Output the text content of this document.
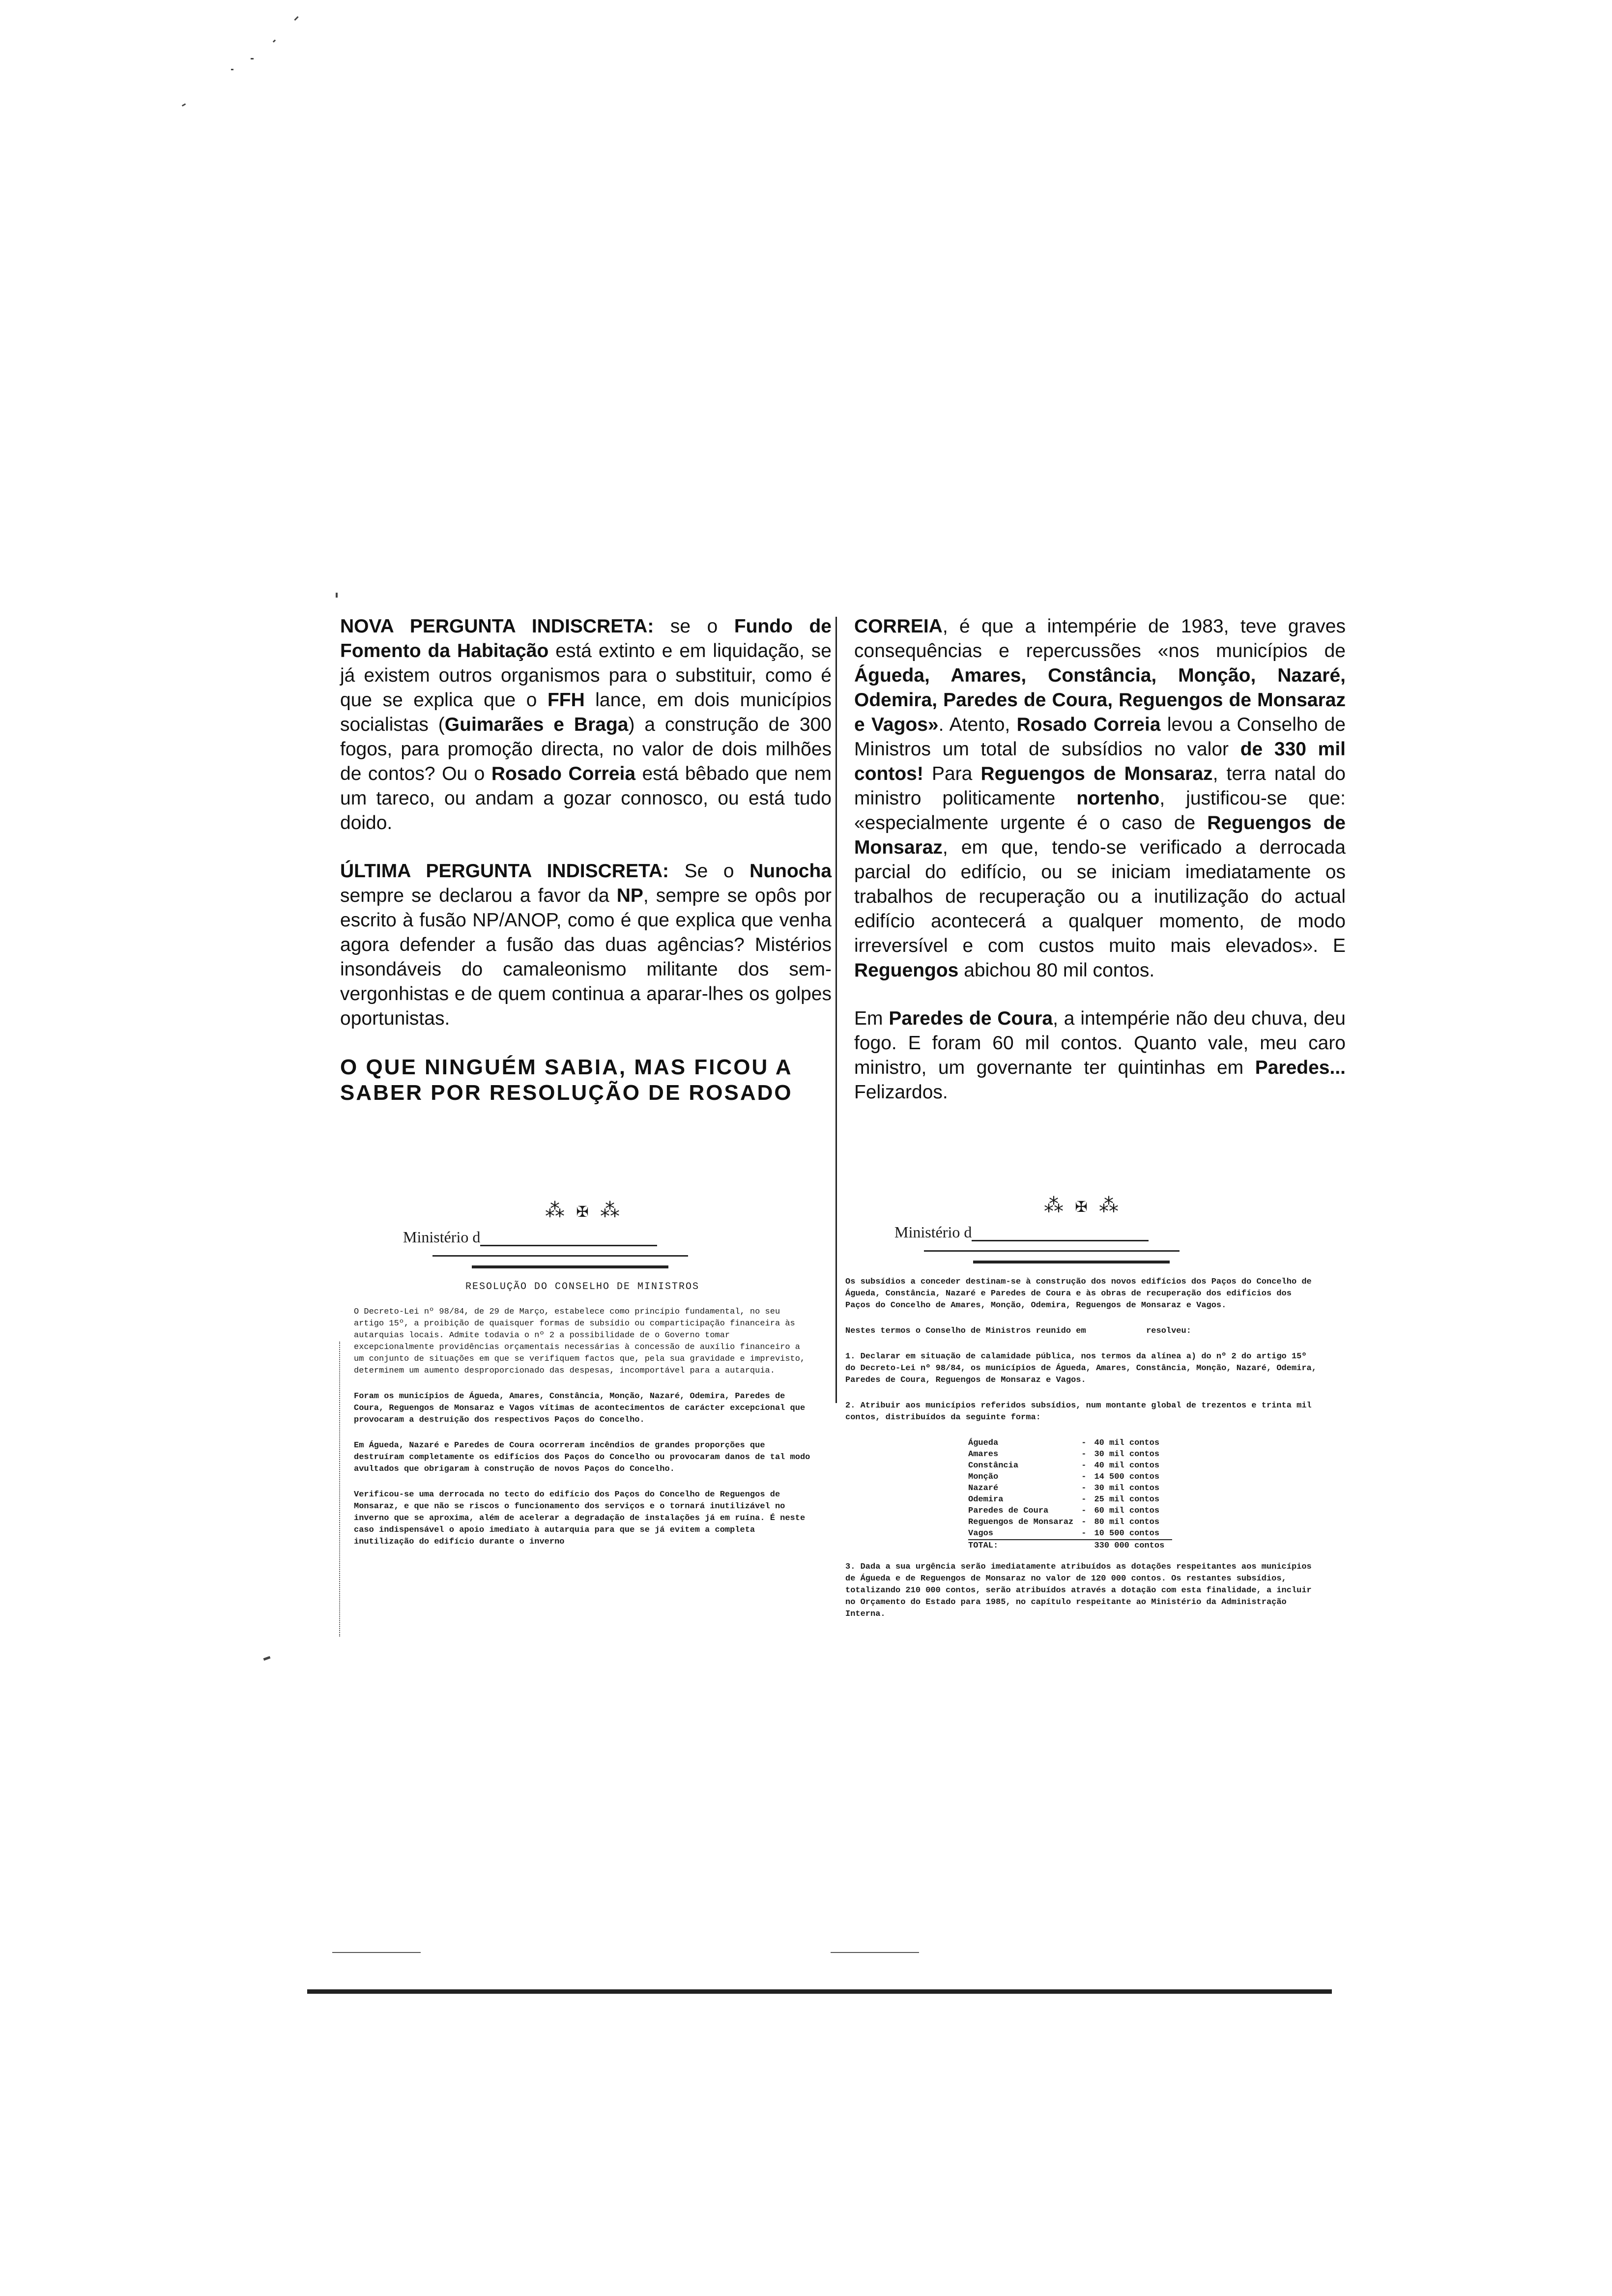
NOVA PERGUNTA INDISCRETA: se o Fundo de Fomento da Habitação está extinto e em liquidação, se já existem outros organismos para o substituir, como é que se explica que o FFH lance, em dois municípios socialistas (Guimarães e Braga) a construção de 300 fogos, para promoção directa, no valor de dois milhões de contos? Ou o Rosado Correia está bêbado que nem um tareco, ou andam a gozar connosco, ou está tudo doido.

ÚLTIMA PERGUNTA INDISCRETA: Se o Nunocha sempre se declarou a favor da NP, sempre se opôs por escrito à fusão NP/ANOP, como é que explica que venha agora defender a fusão das duas agências? Mistérios insondáveis do camaleonismo militante dos sem-vergonhistas e de quem continua a aparar-lhes os golpes oportunistas.

O QUE NINGUÉM SABIA, MAS FICOU A SABER POR RESOLUÇÃO DE ROSADO

CORREIA, é que a intempérie de 1983, teve graves consequências e repercussões «nos municípios de Águeda, Amares, Constância, Monção, Nazaré, Odemira, Paredes de Coura, Reguengos de Monsaraz e Vagos». Atento, Rosado Correia levou a Conselho de Ministros um total de subsídios no valor de 330 mil contos! Para Reguengos de Monsaraz, terra natal do ministro politicamente nortenho, justificou-se que: «especialmente urgente é o caso de Reguengos de Monsaraz, em que, tendo-se verificado a derrocada parcial do edifício, ou se iniciam imediatamente os trabalhos de recuperação ou a inutilização do actual edifício acontecerá a qualquer momento, de modo irreversível e com custos muito mais elevados». E Reguengos abichou 80 mil contos.

Em Paredes de Coura, a intempérie não deu chuva, deu fogo. E foram 60 mil contos. Quanto vale, meu caro ministro, um governante ter quintinhas em Paredes... Felizardos.

⁂ ✠ ⁂
Ministério d
RESOLUÇÃO DO CONSELHO DE MINISTROS

O Decreto-Lei nº 98/84, de 29 de Março, estabelece como princípio fundamental, no seu artigo 15º, a proibição de quaisquer formas de subsídio ou comparticipação financeira às autarquias locais. Admite todavia o nº 2 a possibilidade de o Governo tomar excepcionalmente providências orçamentais necessárias à concessão de auxílio financeiro a um conjunto de situações em que se verifiquem factos que, pela sua gravidade e imprevisto, determinem um aumento desproporcionado das despesas, incomportável para a autarquia.

Foram os municípios de Águeda, Amares, Constância, Monção, Nazaré, Odemira, Paredes de Coura, Reguengos de Monsaraz e Vagos vítimas de acontecimentos de carácter excepcional que provocaram a destruição dos respectivos Paços do Concelho.

Em Águeda, Nazaré e Paredes de Coura ocorreram incêndios de grandes proporções que destruíram completamente os edifícios dos Paços do Concelho ou provocaram danos de tal modo avultados que obrigaram à construção de novos Paços do Concelho.

Verificou-se uma derrocada no tecto do edifício dos Paços do Concelho de Reguengos de Monsaraz, e que não se riscos o funcionamento dos serviços e o tornará inutilizável no inverno que se aproxima, além de acelerar a degradação de instalações já em ruína. É neste caso indispensável o apoio imediato à autarquia para que se já evitem a completa inutilização do edifício durante o inverno

⁂ ✠ ⁂
Ministério d

Os subsídios a conceder destinam-se à construção dos novos edifícios dos Paços do Concelho de Águeda, Constância, Nazaré e Paredes de Coura e às obras de recuperação dos edifícios dos Paços do Concelho de Amares, Monção, Odemira, Reguengos de Monsaraz e Vagos.

Nestes termos o Conselho de Ministros reunido em            resolveu:

1. Declarar em situação de calamidade pública, nos termos da alínea a) do nº 2 do artigo 15º do Decreto-Lei nº 98/84, os municípios de Águeda, Amares, Constância, Monção, Nazaré, Odemira, Paredes de Coura, Reguengos de Monsaraz e Vagos.

2. Atribuir aos municípios referidos subsídios, num montante global de trezentos e trinta mil contos, distribuídos da seguinte forma:

Águeda	-	40 mil contos
Amares	-	30 mil contos
Constância	-	40 mil contos
Monção	-	14 500 contos
Nazaré	-	30 mil contos
Odemira	-	25 mil contos
Paredes de Coura	-	60 mil contos
Reguengos de Monsaraz	-	80 mil contos
Vagos	-	10 500 contos
TOTAL:		330 000 contos

3. Dada a sua urgência serão imediatamente atribuídos as dotações respeitantes aos municípios de Águeda e de Reguengos de Monsaraz no valor de 120 000 contos. Os restantes subsídios, totalizando 210 000 contos, serão atribuídos através a dotação com esta finalidade, a incluir no Orçamento do Estado para 1985, no capítulo respeitante ao Ministério da Administração Interna.
